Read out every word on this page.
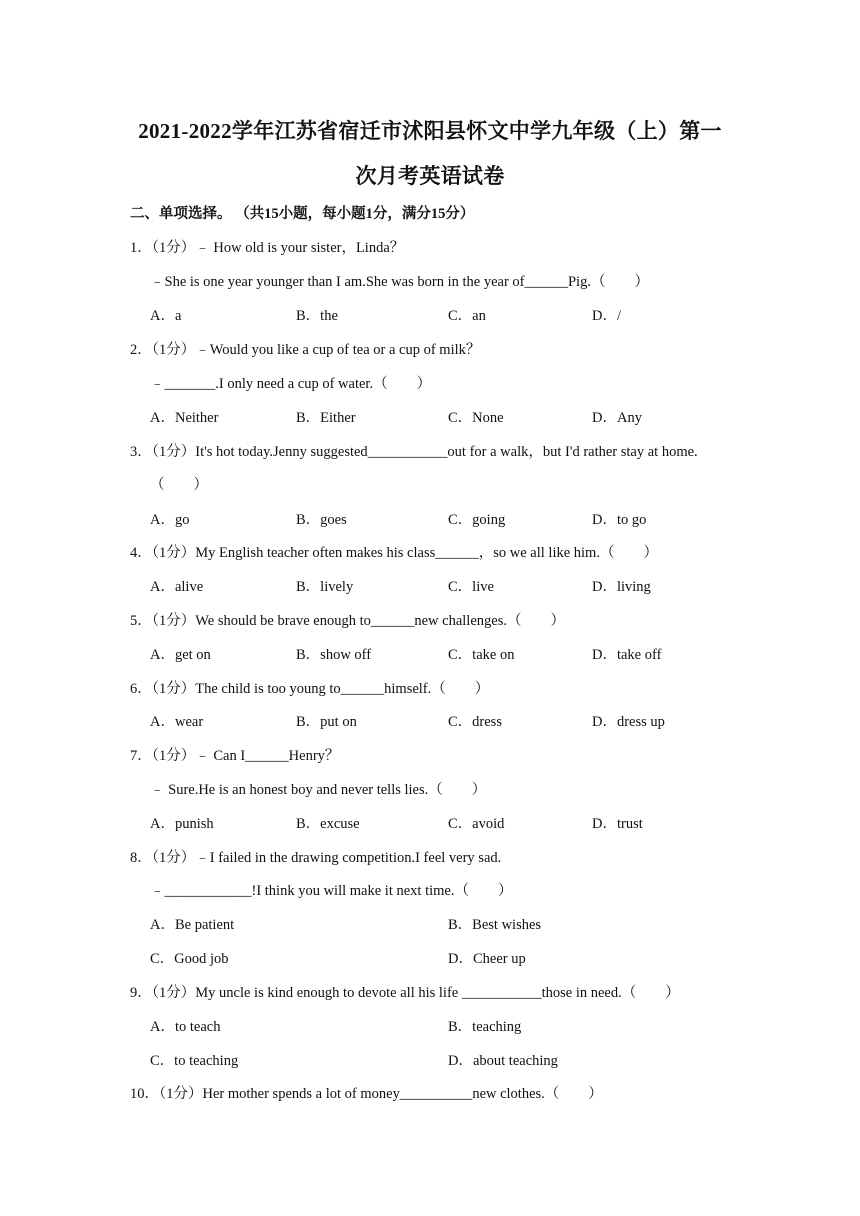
2021-2022学年江苏省宿迁市沭阳县怀文中学九年级（上）第一
次月考英语试卷
二、单项选择。 （共15小题，每小题1分，满分15分）
1．（1分）﹣ How old is your sister，Linda？
﹣She is one year younger than I am.She was born in the year of______Pig.（　　）
A．a	B．the	C．an	D．/
2．（1分）﹣Would you like a cup of tea or a cup of milk？
﹣_______.I only need a cup of water.（　　）
A．Neither	B．Either	C．None	D．Any
3．（1分）It's hot today.Jenny suggested___________out for a walk，but I'd rather stay at home.
（　　）
A．go	B．goes	C．going	D．to go
4．（1分）My English teacher often makes his class______，so we all like him.（　　）
A．alive	B．lively	C．live	D．living
5．（1分）We should be brave enough to______new challenges.（　　）
A．get on	B．show off	C．take on	D．take off
6．（1分）The child is too young to______himself.（　　）
A．wear	B．put on	C．dress	D．dress up
7．（1分）﹣ Can I______Henry？
﹣ Sure.He is an honest boy and never tells lies.（　　）
A．punish	B．excuse	C．avoid	D．trust
8．（1分）﹣I failed in the drawing competition.I feel very sad.
﹣____________!I think you will make it next time.（　　）
A．Be patient	B．Best wishes
C．Good job	D．Cheer up
9．（1分）My uncle is kind enough to devote all his life ___________those in need.（　　）
A．to teach	B．teaching
C．to teaching	D．about teaching
10．（1分）Her mother spends a lot of money__________new clothes.（　　）
